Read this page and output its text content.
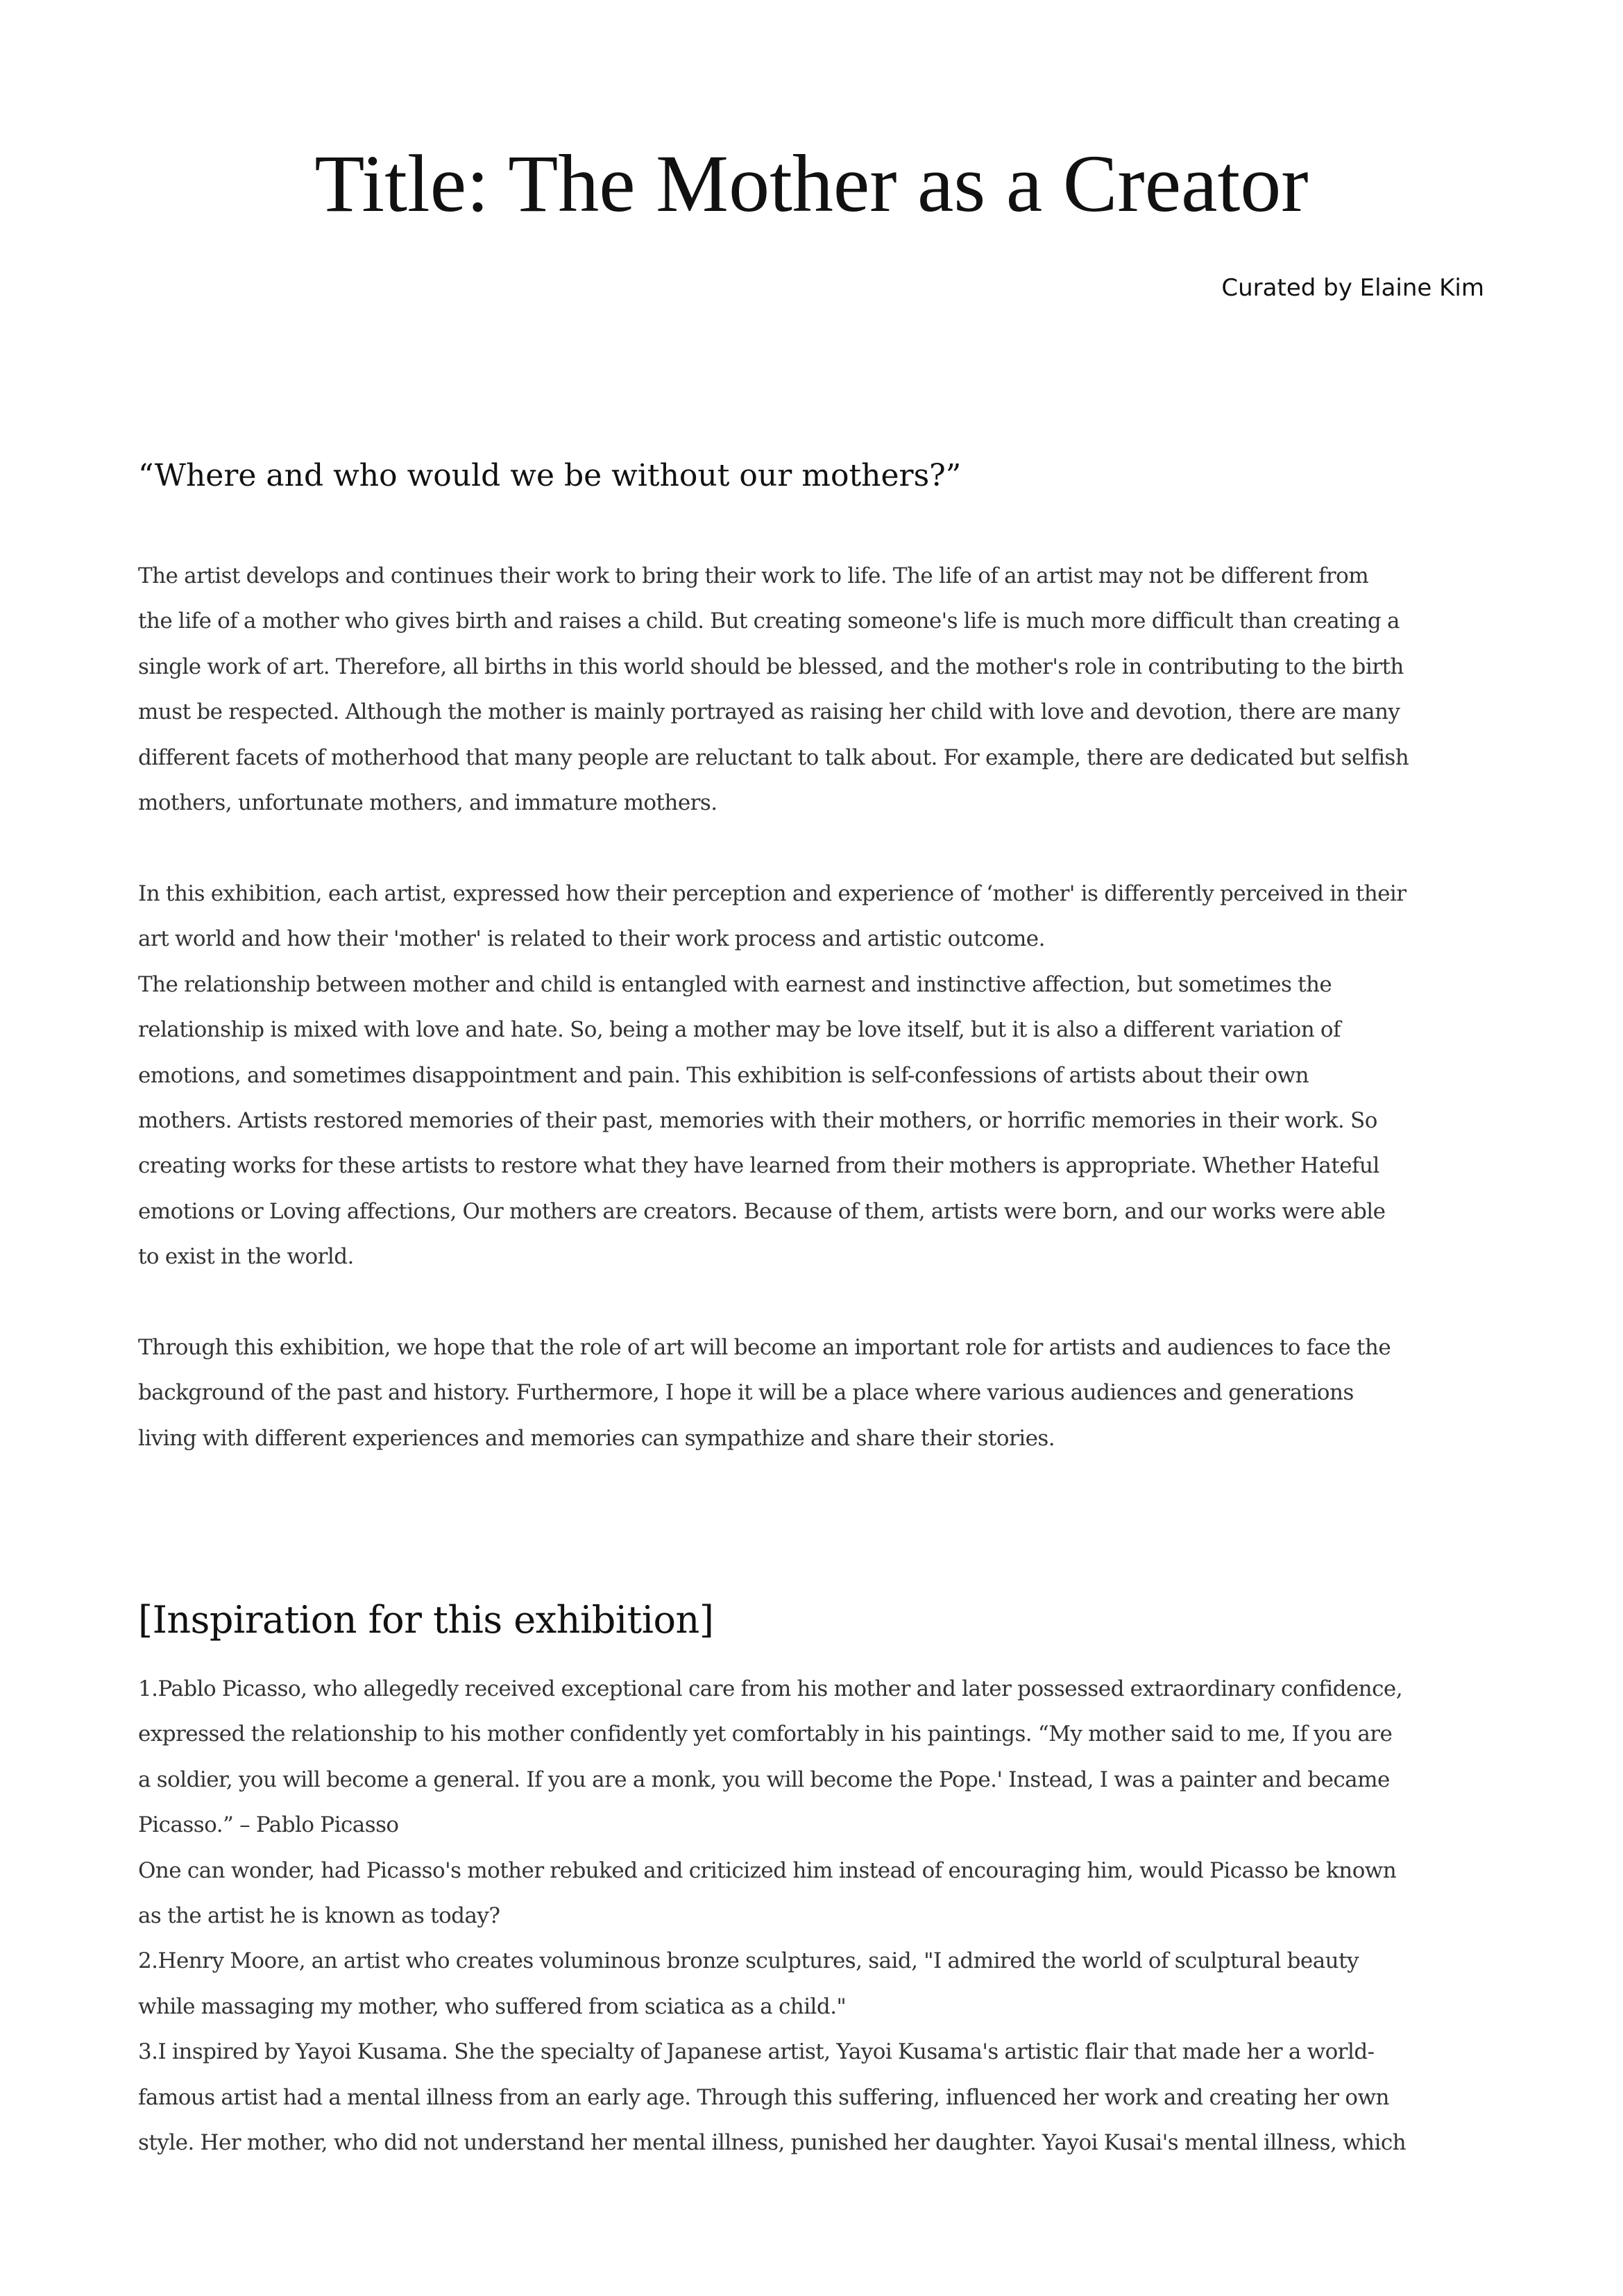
Title: The Mother as a Creator
Curated by Elaine Kim
“Where and who would we be without our mothers?”

The artist develops and continues their work to bring their work to life. The life of an artist may not be different from
the life of a mother who gives birth and raises a child. But creating someone's life is much more difficult than creating a
single work of art. Therefore, all births in this world should be blessed, and the mother's role in contributing to the birth
must be respected. Although the mother is mainly portrayed as raising her child with love and devotion, there are many
different facets of motherhood that many people are reluctant to talk about. For example, there are dedicated but selfish
mothers, unfortunate mothers, and immature mothers.

In this exhibition, each artist, expressed how their perception and experience of ‘mother' is differently perceived in their
art world and how their 'mother' is related to their work process and artistic outcome.
The relationship between mother and child is entangled with earnest and instinctive affection, but sometimes the
relationship is mixed with love and hate. So, being a mother may be love itself, but it is also a different variation of
emotions, and sometimes disappointment and pain. This exhibition is self-confessions of artists about their own
mothers. Artists restored memories of their past, memories with their mothers, or horrific memories in their work. So
creating works for these artists to restore what they have learned from their mothers is appropriate. Whether Hateful
emotions or Loving affections, Our mothers are creators. Because of them, artists were born, and our works were able
to exist in the world.

Through this exhibition, we hope that the role of art will become an important role for artists and audiences to face the
background of the past and history. Furthermore, I hope it will be a place where various audiences and generations
living with different experiences and memories can sympathize and share their stories.

[Inspiration for this exhibition]

1.Pablo Picasso, who allegedly received exceptional care from his mother and later possessed extraordinary confidence,
expressed the relationship to his mother confidently yet comfortably in his paintings. “My mother said to me, If you are
a soldier, you will become a general. If you are a monk, you will become the Pope.' Instead, I was a painter and became
Picasso.” – Pablo Picasso
One can wonder, had Picasso's mother rebuked and criticized him instead of encouraging him, would Picasso be known
as the artist he is known as today?
2.Henry Moore, an artist who creates voluminous bronze sculptures, said, "I admired the world of sculptural beauty
while massaging my mother, who suffered from sciatica as a child."
3.I inspired by Yayoi Kusama. She the specialty of Japanese artist, Yayoi Kusama's artistic flair that made her a world-
famous artist had a mental illness from an early age. Through this suffering, influenced her work and creating her own
style. Her mother, who did not understand her mental illness, punished her daughter. Yayoi Kusai's mental illness, which
